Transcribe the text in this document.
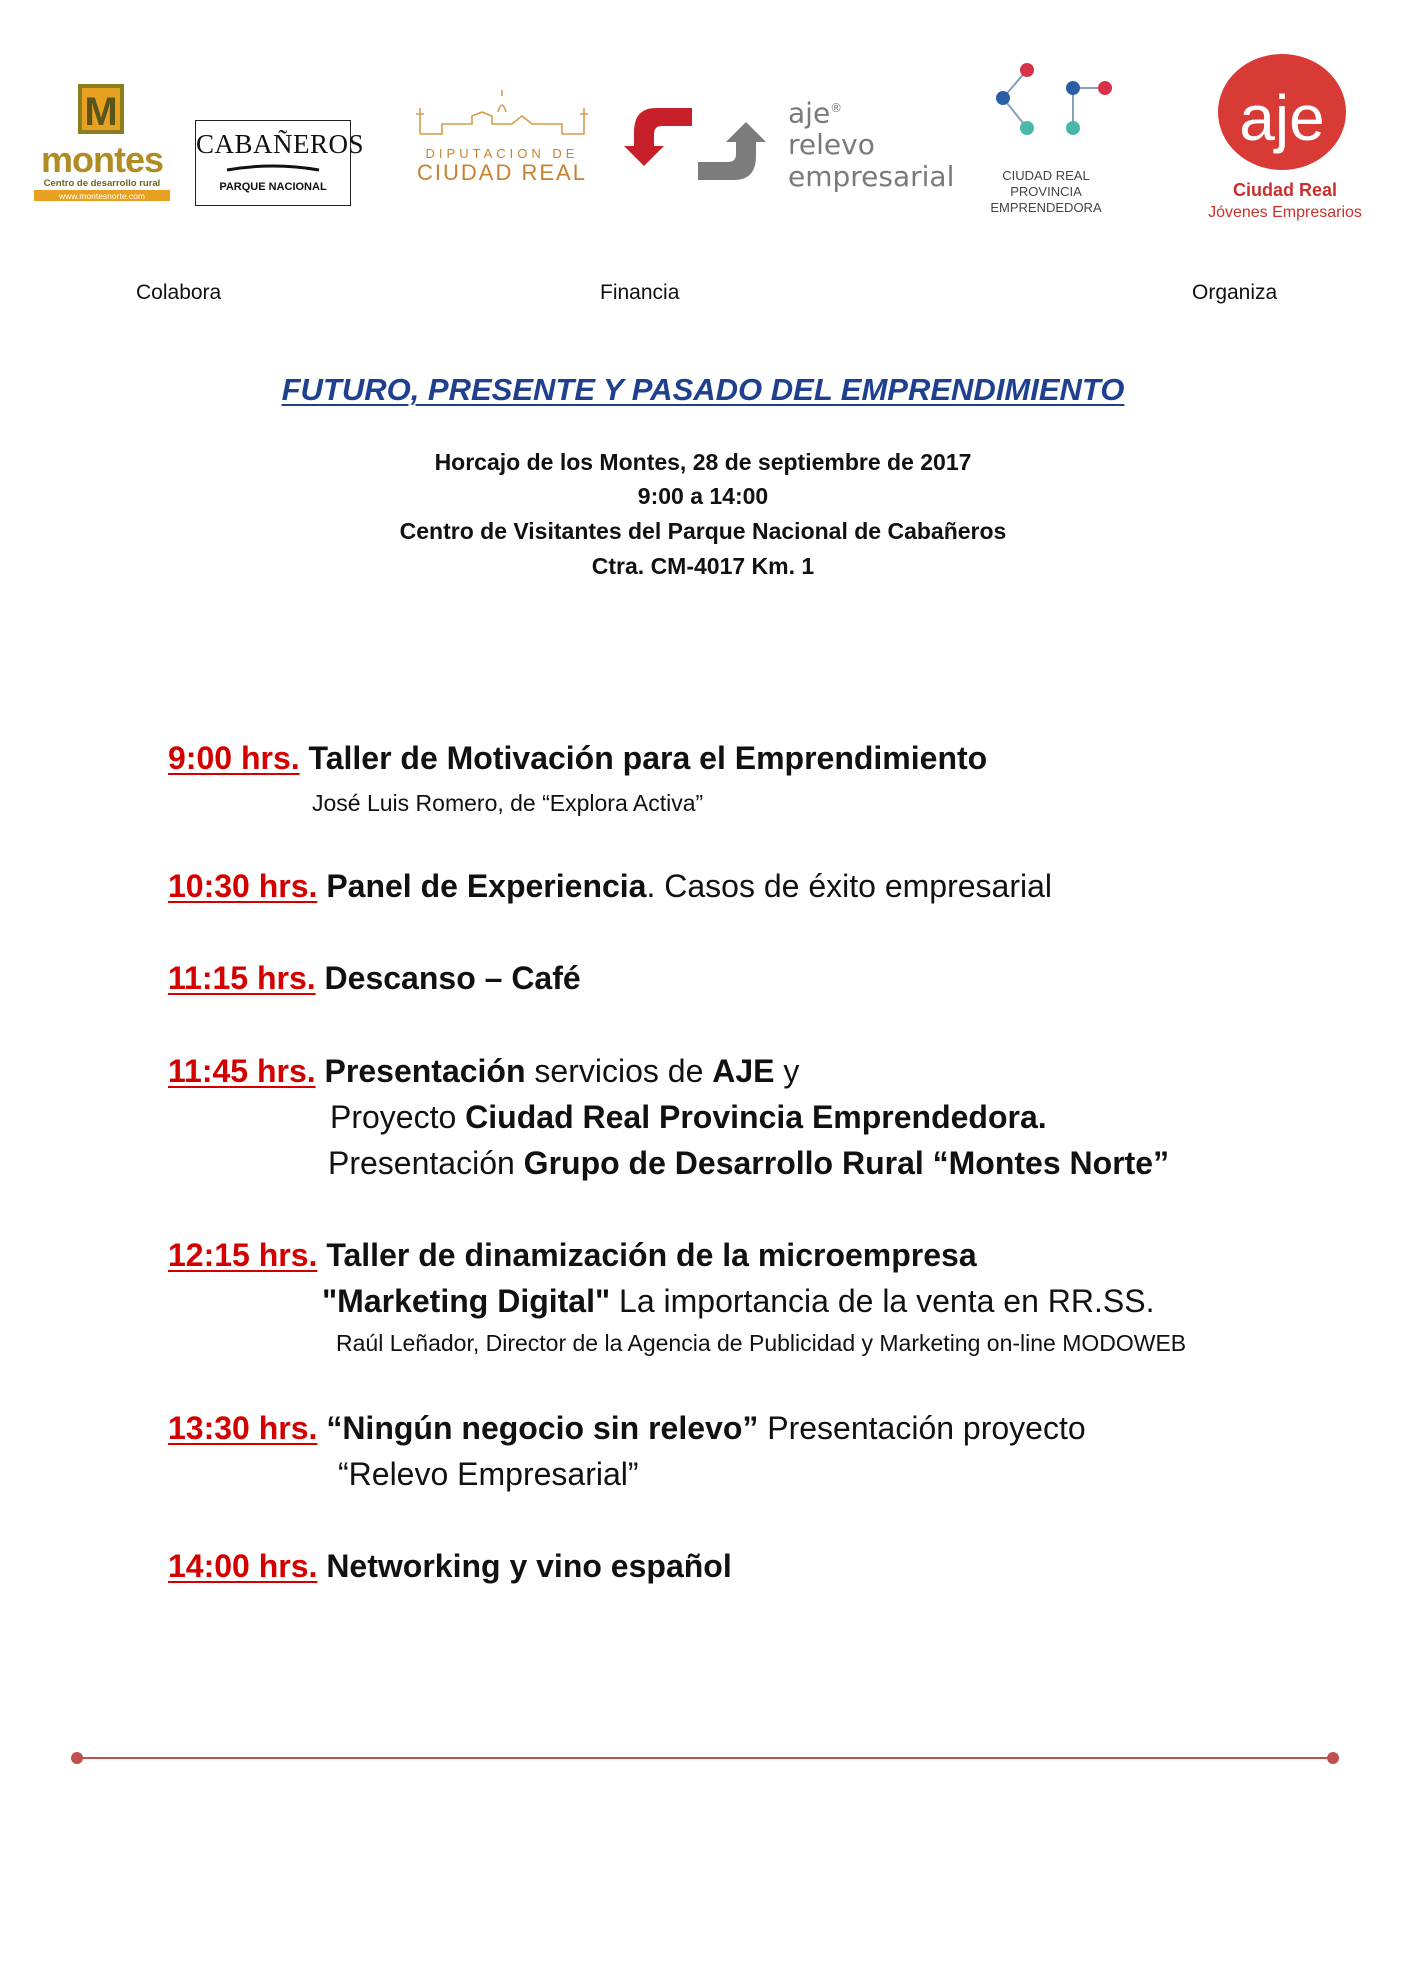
M
montes
Centro de desarrollo rural
www.montesnorte.com
CABAÑEROS
PARQUE NACIONAL
DIPUTACION DE
CIUDAD REAL
aje®
relevo
empresarial	CIUDAD REAL
PROVINCIA
EMPRENDEDORA
aje
Ciudad Real
Jóvenes Empresarios
Colabora	Financia	Organiza
FUTURO, PRESENTE Y PASADO DEL EMPRENDIMIENTO
Horcajo de los Montes, 28 de septiembre de 2017
9:00 a 14:00
Centro de Visitantes del Parque Nacional de Cabañeros
Ctra. CM-4017 Km. 1
9:00 hrs. Taller de Motivación para el Emprendimiento
José Luis Romero, de “Explora Activa”
10:30 hrs. Panel de Experiencia. Casos de éxito empresarial
11:15 hrs. Descanso – Café
11:45 hrs. Presentación servicios de AJE y
Proyecto Ciudad Real Provincia Emprendedora.
Presentación Grupo de Desarrollo Rural “Montes Norte”
12:15 hrs. Taller de dinamización de la microempresa
"Marketing Digital" La importancia de la venta en RR.SS.
Raúl Leñador, Director de la Agencia de Publicidad y Marketing on-line MODOWEB
13:30 hrs. “Ningún negocio sin relevo” Presentación proyecto
“Relevo Empresarial”
14:00 hrs. Networking y vino español
